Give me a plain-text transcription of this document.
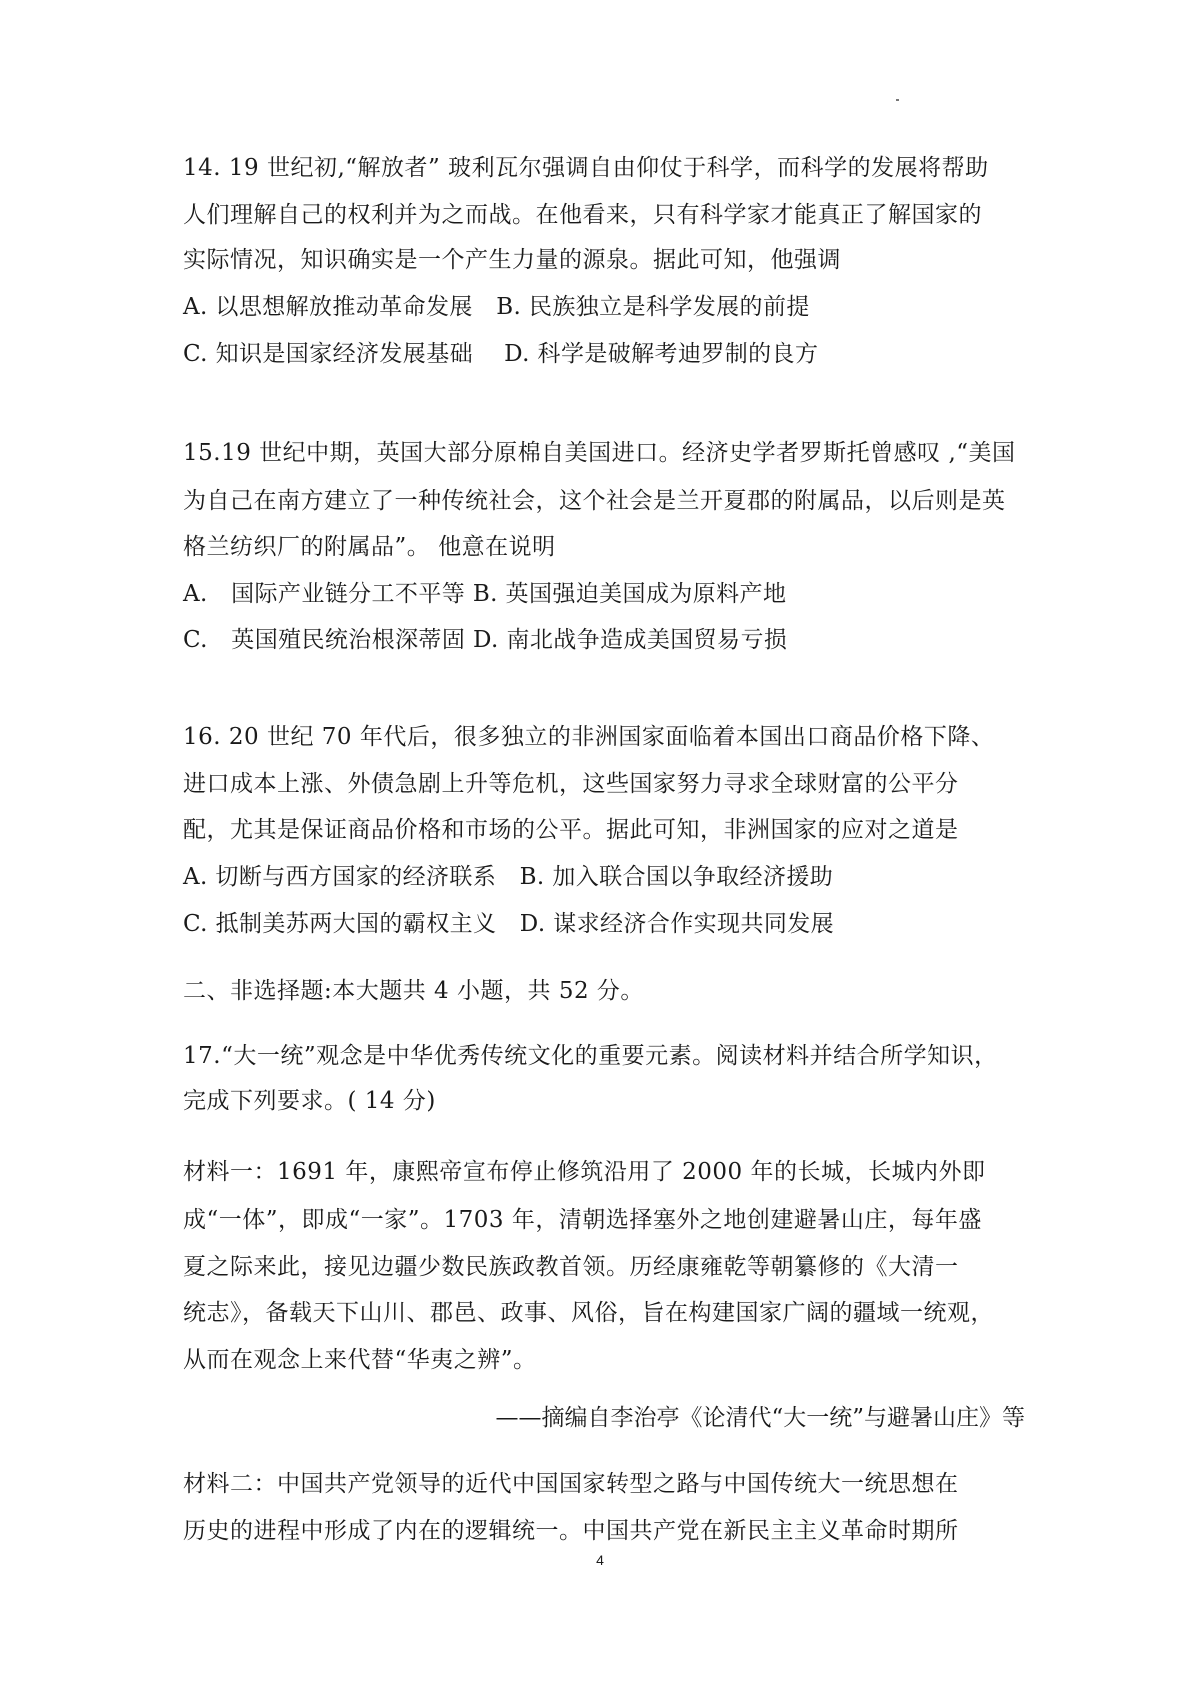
14. 19 世纪初,“解放者” 玻利瓦尔强调自由仰仗于科学，而科学的发展将帮助
人们理解自己的权利并为之而战。在他看来，只有科学家才能真正了解国家的
实际情况，知识确实是一个产生力量的源泉。据此可知，他强调
A. 以思想解放推动革命发展　B. 民族独立是科学发展的前提
C. 知识是国家经济发展基础　 D. 科学是破解考迪罗制的良方
15.19 世纪中期，英国大部分原棉自美国进口。经济史学者罗斯托曾感叹 ,“美国
为自己在南方建立了一种传统社会，这个社会是兰开夏郡的附属品，以后则是英
格兰纺织厂的附属品”。 他意在说明
A.　国际产业链分工不平等 B. 英国强迫美国成为原料产地
C.　英国殖民统治根深蒂固 D. 南北战争造成美国贸易亏损
16. 20 世纪 70 年代后，很多独立的非洲国家面临着本国出口商品价格下降、
进口成本上涨、外债急剧上升等危机，这些国家努力寻求全球财富的公平分
配，尤其是保证商品价格和市场的公平。据此可知，非洲国家的应对之道是
A. 切断与西方国家的经济联系　B. 加入联合国以争取经济援助
C. 抵制美苏两大国的霸权主义　D. 谋求经济合作实现共同发展
二、非选择题:本大题共 4 小题，共 52 分。
17.“大一统”观念是中华优秀传统文化的重要元素。阅读材料并结合所学知识，
完成下列要求。( 14 分)
材料一：1691 年，康熙帝宣布停止修筑沿用了 2000 年的长城，长城内外即
成“一体”，即成“一家”。1703 年，清朝选择塞外之地创建避暑山庄，每年盛
夏之际来此，接见边疆少数民族政教首领。历经康雍乾等朝纂修的《大清一
统志》，备载天下山川、郡邑、政事、风俗，旨在构建国家广阔的疆域一统观，
从而在观念上来代替“华夷之辨”。
——摘编自李治亭《论清代“大一统”与避暑山庄》等
材料二：中国共产党领导的近代中国国家转型之路与中国传统大一统思想在
历史的进程中形成了内在的逻辑统一。中国共产党在新民主主义革命时期所
4
